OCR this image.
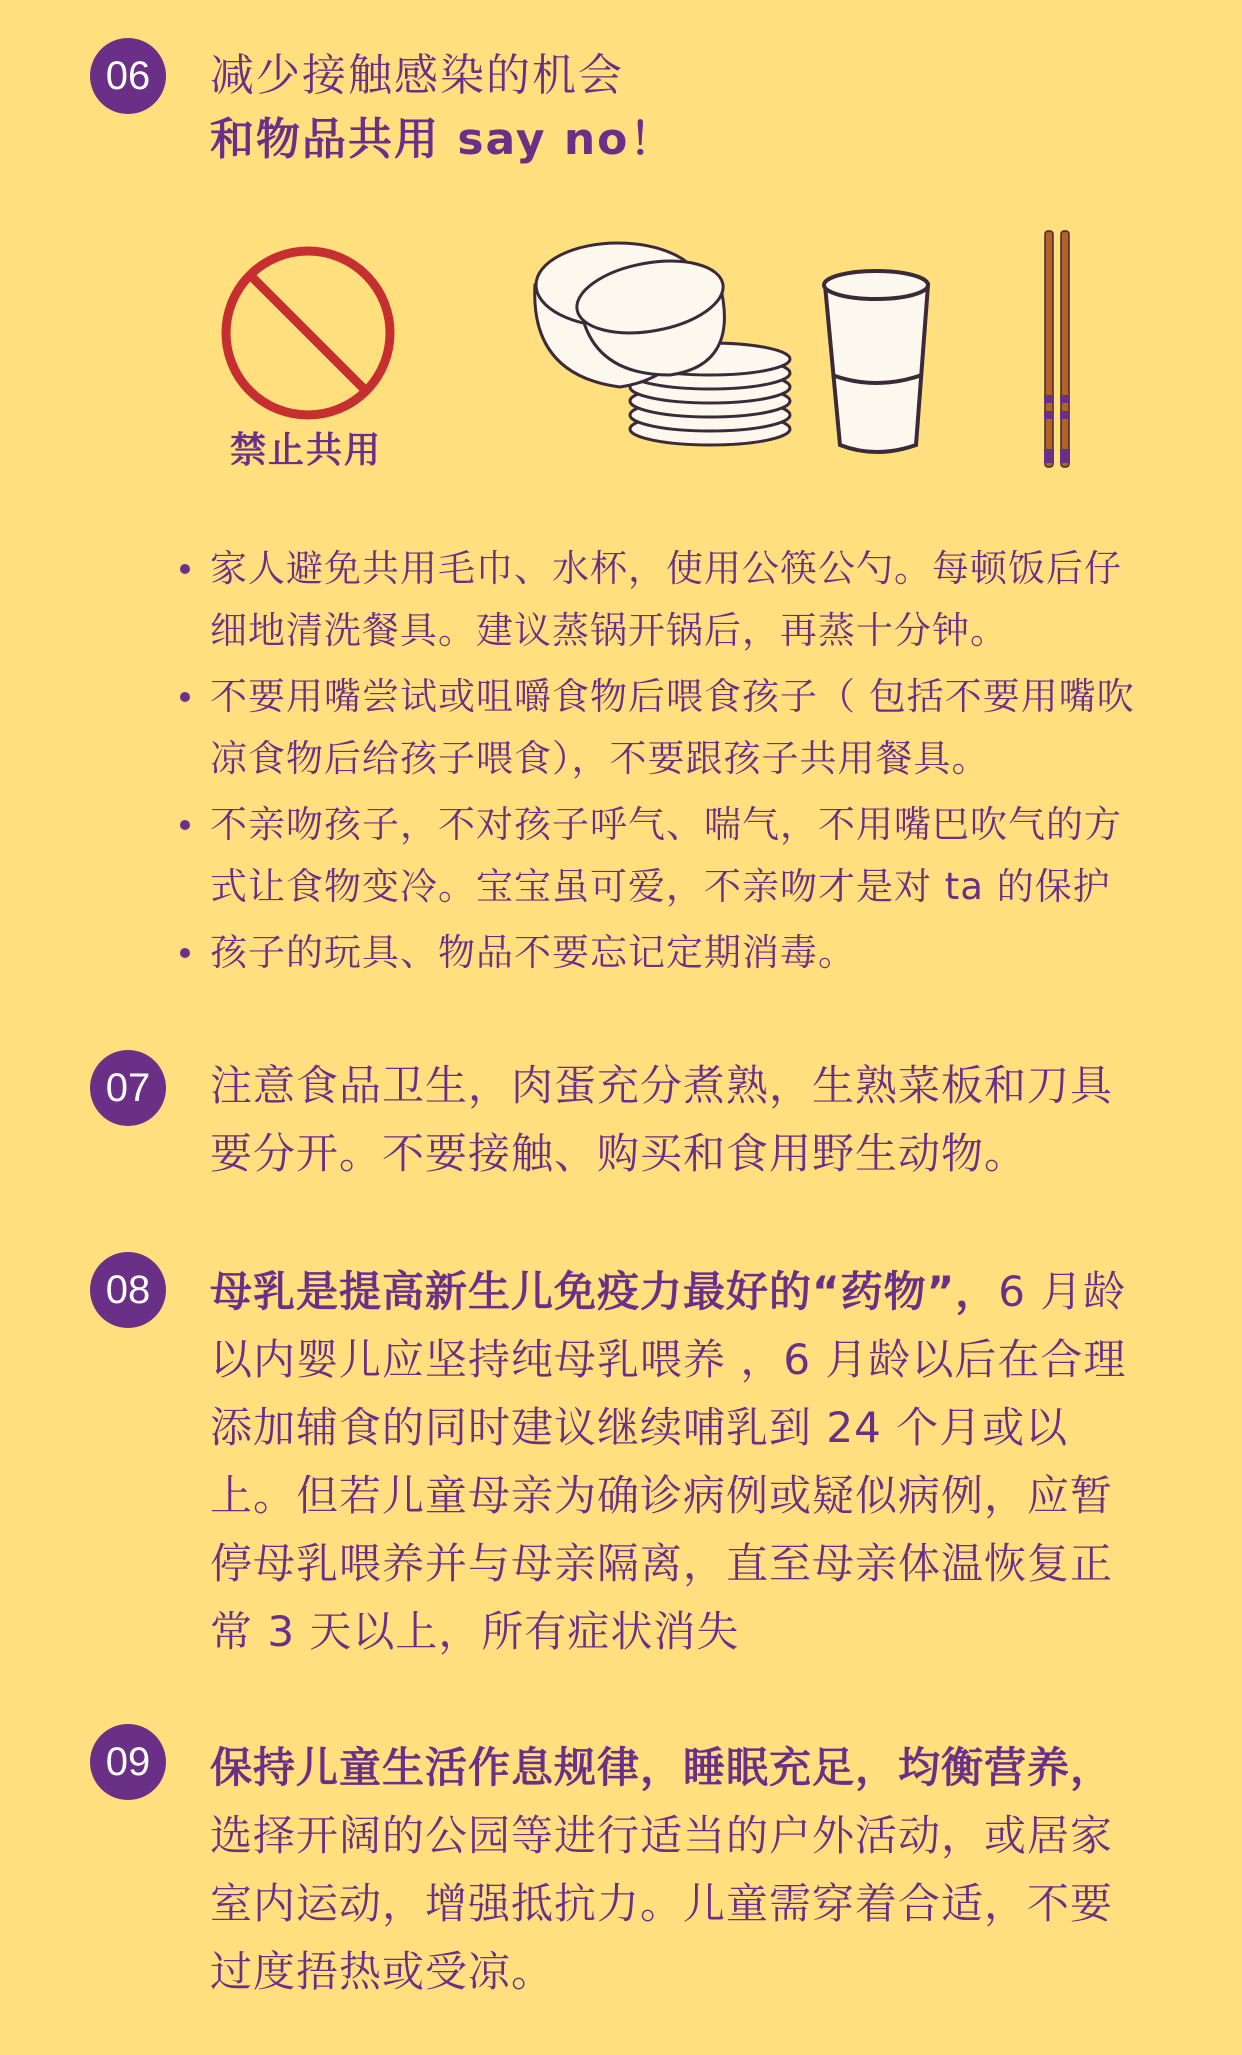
06	减少接触感染的机会

和物品共用 say no！

禁止共用
家人避免共用毛巾、水杯，使用公筷公勺。每顿饭后仔细地清洗餐具。建议蒸锅开锅后，再蒸十分钟。
不要用嘴尝试或咀嚼食物后喂食孩子（ 包括不要用嘴吹凉食物后给孩子喂食），不要跟孩子共用餐具。
不亲吻孩子，不对孩子呼气、喘气，不用嘴巴吹气的方式让食物变冷。宝宝虽可爱，不亲吻才是对 ta 的保护
孩子的玩具、物品不要忘记定期消毒。
07	注意食品卫生，肉蛋充分煮熟，生熟菜板和刀具要分开。不要接触、购买和食用野生动物。

08	母乳是提高新生儿免疫力最好的“药物”，6 月龄以内婴儿应坚持纯母乳喂养 ，6 月龄以后在合理添加辅食的同时建议继续哺乳到 24 个月或以上。但若儿童母亲为确诊病例或疑似病例，应暂停母乳喂养并与母亲隔离，直至母亲体温恢复正常 3 天以上，所有症状消失

09	保持儿童生活作息规律，睡眠充足，均衡营养，选择开阔的公园等进行适当的户外活动，或居家室内运动，增强抵抗力。儿童需穿着合适，不要过度捂热或受凉。
